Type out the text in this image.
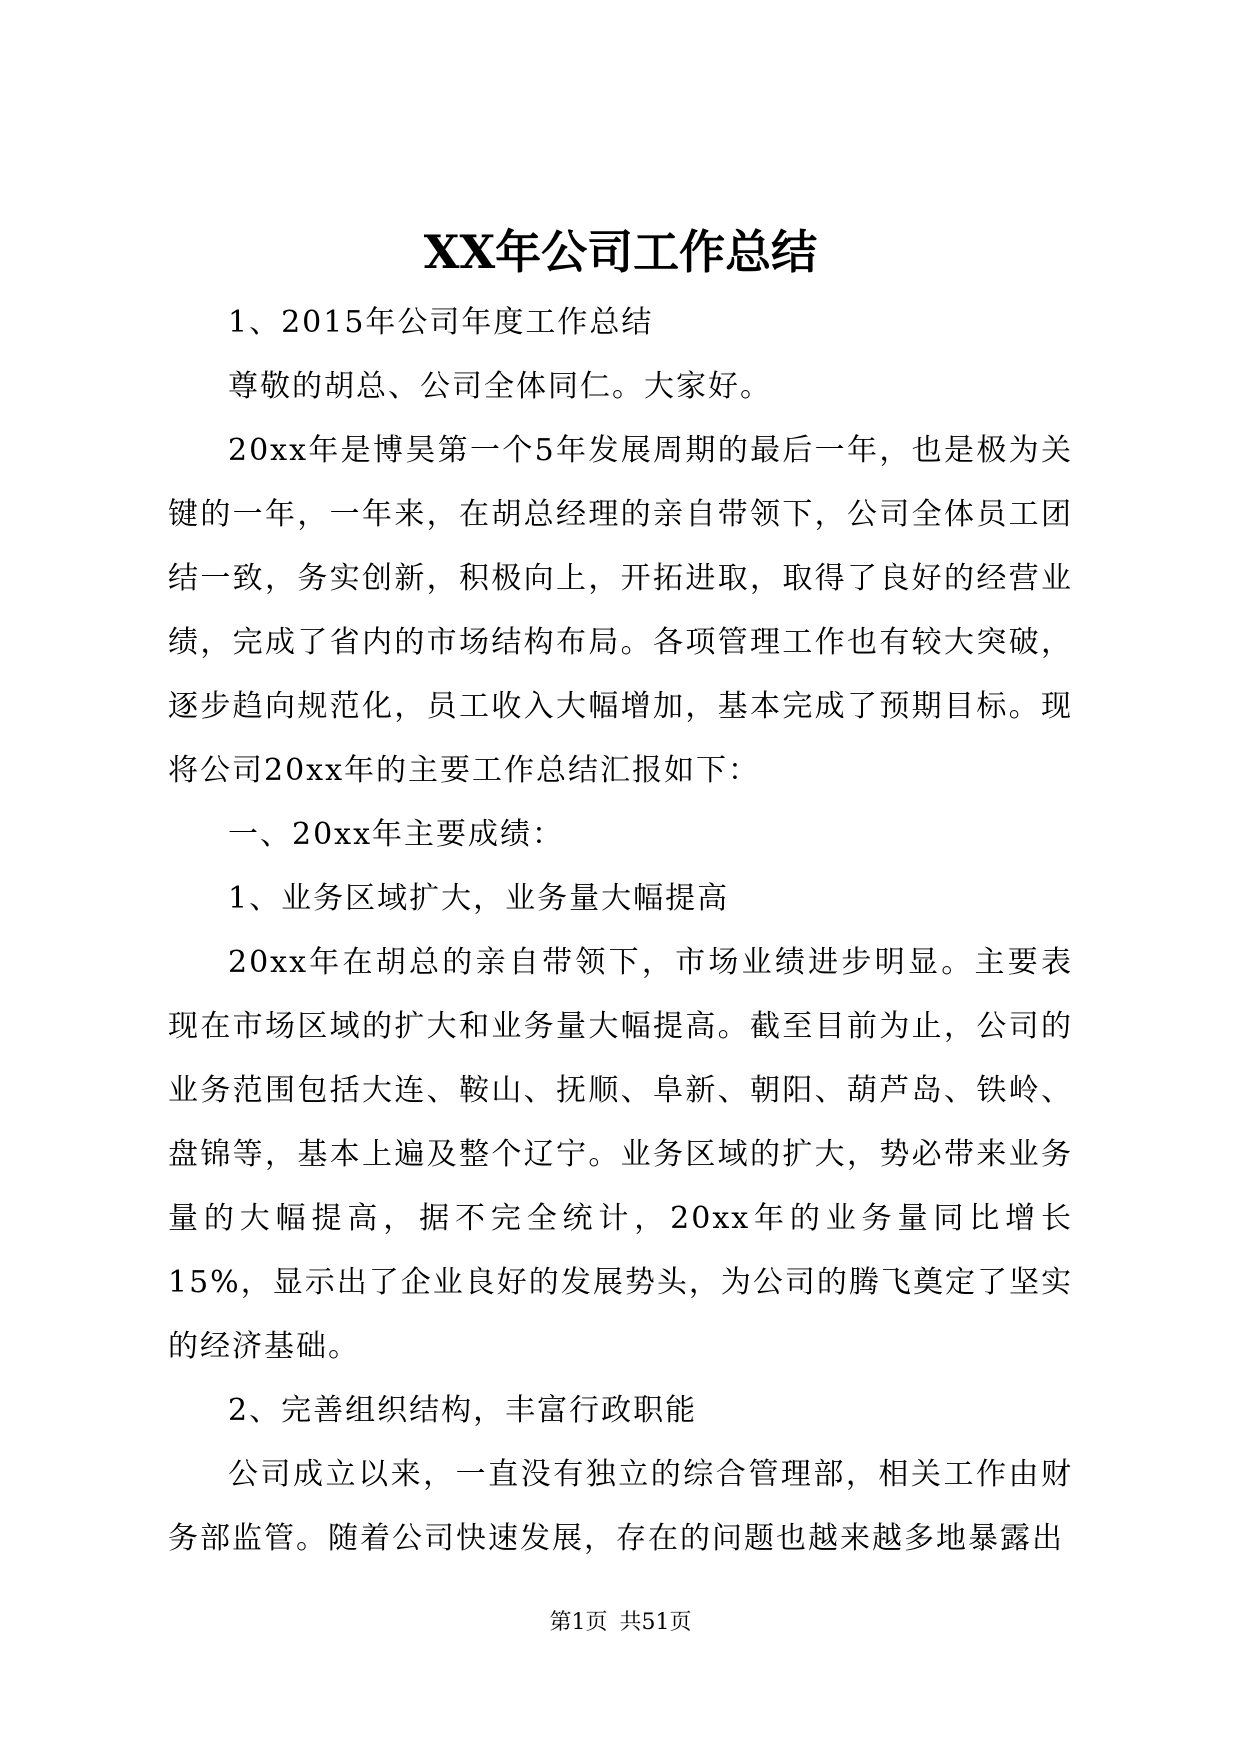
XX年公司工作总结

1、2015年公司年度工作总结

尊敬的胡总、公司全体同仁。大家好。

20xx年是博昊第一个5年发展周期的最后一年，也是极为关键的一年，一年来，在胡总经理的亲自带领下，公司全体员工团结一致，务实创新，积极向上，开拓进取，取得了良好的经营业绩，完成了省内的市场结构布局。各项管理工作也有较大突破，逐步趋向规范化，员工收入大幅增加，基本完成了预期目标。现将公司20xx年的主要工作总结汇报如下：

一、20xx年主要成绩：

1、业务区域扩大，业务量大幅提高

20xx年在胡总的亲自带领下，市场业绩进步明显。主要表现在市场区域的扩大和业务量大幅提高。截至目前为止，公司的业务范围包括大连、鞍山、抚顺、阜新、朝阳、葫芦岛、铁岭、盘锦等，基本上遍及整个辽宁。业务区域的扩大，势必带来业务量的大幅提高，据不完全统计，20xx年的业务量同比增长15%，显示出了企业良好的发展势头，为公司的腾飞奠定了坚实的经济基础。

2、完善组织结构，丰富行政职能

公司成立以来，一直没有独立的综合管理部，相关工作由财务部监管。随着公司快速发展，存在的问题也越来越多地暴露出

第1页 共51页
